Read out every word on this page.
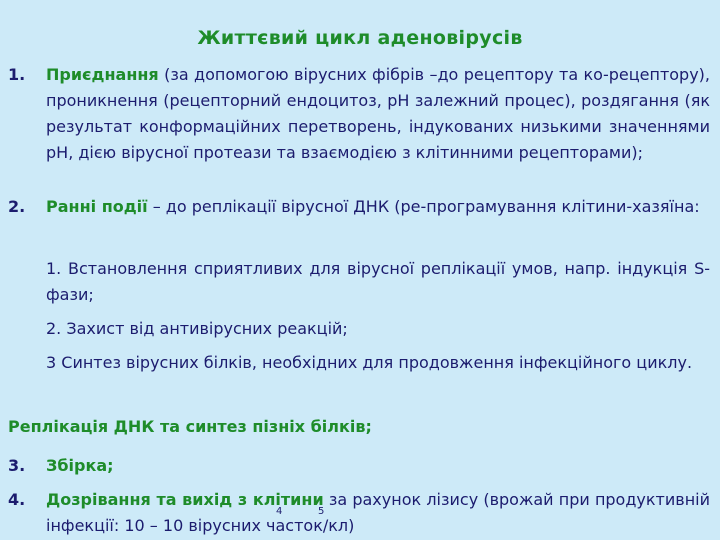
Життєвий цикл аденовірусів
1. Приєднання (за допомогою вірусних фібрів –до рецептору та ко-рецептору), проникнення (рецепторний ендоцитоз, рН залежний процес), роздягання (як результат конформаційних перетворень, індукованих низькими значеннями рН, дією вірусної протеази та взаємодією з клітинними рецепторами);
2. Ранні події – до реплікації вірусної ДНК (ре-програмування клітини-хазяїна:
1. Встановлення сприятливих для вірусної реплікації умов, напр. індукція S-фази;
2. Захист від антивірусних реакцій;
3 Синтез вірусних білків, необхідних для продовження інфекційного циклу.
Реплікація ДНК та синтез пізніх білків;
3. Збірка;
4. Дозрівання та вихід з клітини за рахунок лізису (врожай при продуктивній інфекції: 10 – 10 вірусних часток/кл)
4	5
